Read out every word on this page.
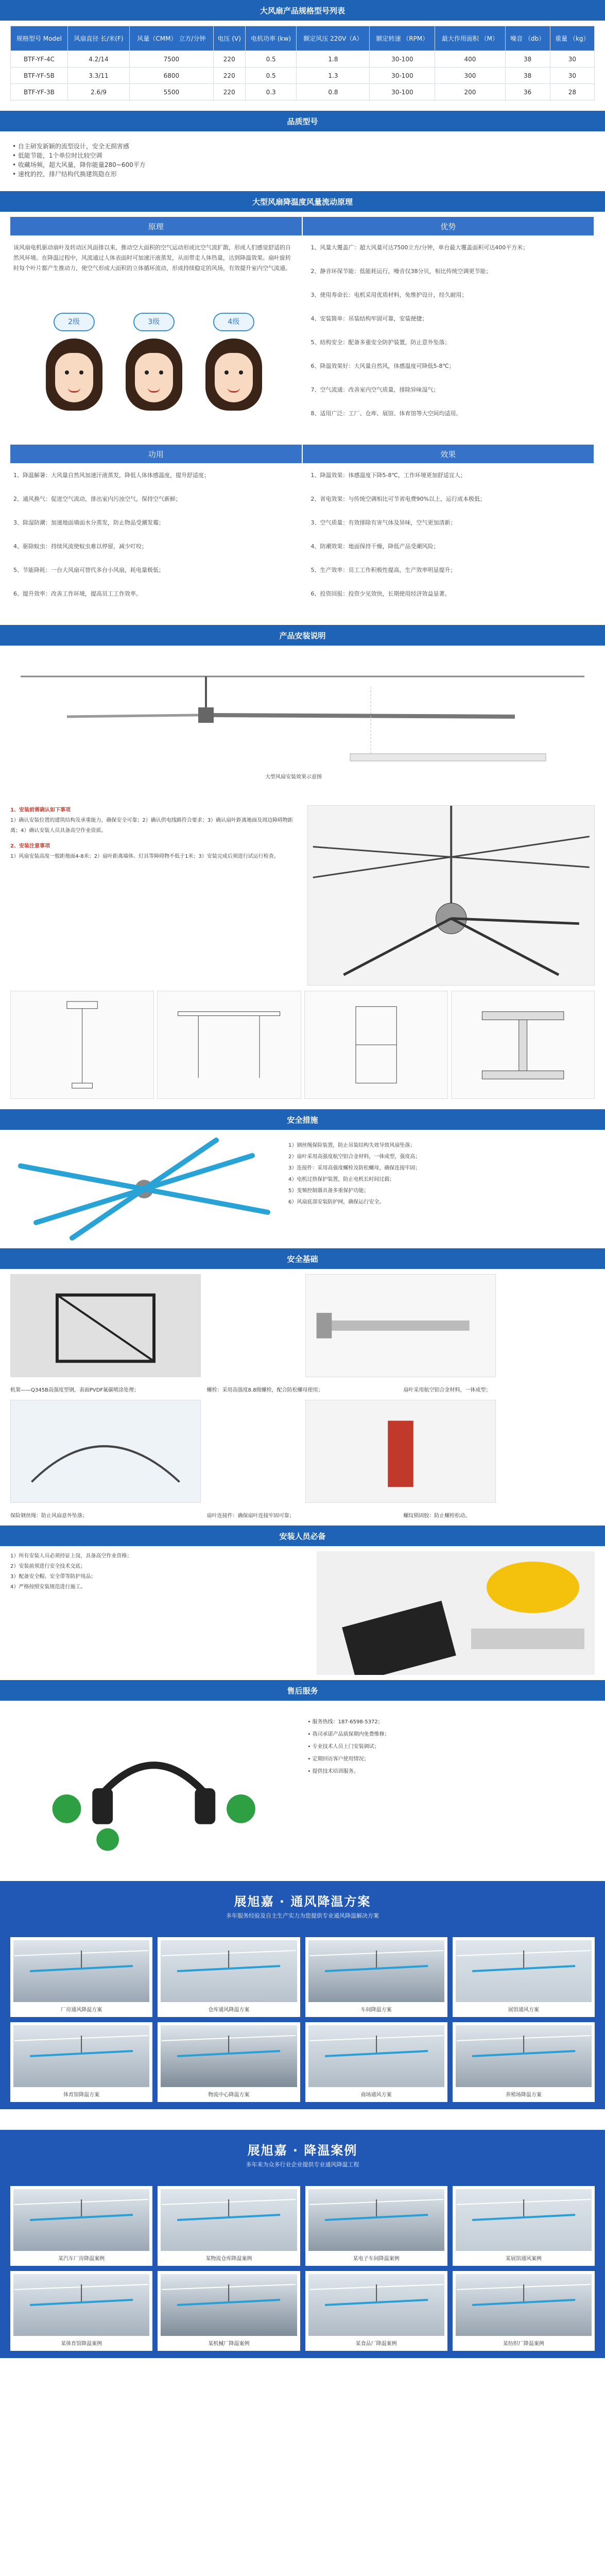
大风扇产品规格型号列表
规格型号 Model	风扇直径 长/米(F)	风量（CMM） 立方/分钟	电压 (V)	电机功率 (kw)	额定风压 220V（A）	额定转速 （RPM）	最大作用面积 （M）	噪音 （db）	重量 （kg）
BTF-YF-4C	4.2/14	7500	220	0.5	1.8	30-100	400	38	30
BTF-YF-5B	3.3/11	6800	220	0.5	1.3	30-100	300	38	30
BTF-YF-3B	2.6/9	5500	220	0.3	0.8	30-100	200	36	28
品质型号
• 自主研发新颖的流型设计，安全无损害感
• 低能节能，1个单位时比较空调
• 收藏场频，超大风量，降你能量280~600平方
• 速枕的控，排尸结构代换建筑隐在形
大型风扇降温度风量流动原理
原理	优势

该风扇电机驱动扇叶及转动区风面排以来，推动空大面积的空气运动形成比空气流扩散，形成人们感觉舒适的自然风环境。在降温过程中，风流通过人体表面时可加速汗液蒸发，从而带走人体热量，达到降温效果。扇叶旋转时每个叶片都产生推动力，使空气形成大面积的立体循环流动，形成持续稳定的风场，有效提升室内空气流通。

2级	3级	4级

1、风量大覆盖广：超大风量可达7500立方/分钟，单台最大覆盖面积可达400平方米；

2、静音环保节能：低能耗运行，噪音仅38分贝，相比传统空调更节能；

3、使用寿命长：电机采用优质材料，免维护设计，经久耐用；

4、安装简单：吊装结构牢固可靠，安装便捷；

5、结构安全：配备多重安全防护装置，防止意外坠落；

6、降温效果好：大风量自然风，体感温度可降低5-8℃；

7、空气流通：改善室内空气质量，排除异味湿气；

8、适用广泛：工厂、仓库、展馆、体育馆等大空间均适用。

功用	效果

1、降温解暑：大风量自然风加速汗液蒸发，降低人体体感温度，提升舒适度；

2、通风换气：促进空气流动，排出室内污浊空气，保持空气新鲜；

3、除湿防潮：加速地面墙面水分蒸发，防止物品受潮发霉；

4、驱除蚊虫：持续风流使蚊虫难以停留，减少叮咬；

5、节能降耗：一台大风扇可替代多台小风扇，耗电量极低；

6、提升效率：改善工作环境，提高员工工作效率。

1、降温效果：体感温度下降5-8℃，工作环境更加舒适宜人；

2、省电效果：与传统空调相比可节省电费90%以上，运行成本极低；

3、空气质量：有效排除有害气体及异味，空气更加清新；

4、防潮效果：地面保持干燥，降低产品受潮风险；

5、生产效率：员工工作积极性提高，生产效率明显提升；

6、投资回报：投资少见效快，长期使用经济效益显著。

产品安装说明
大型风扇安装效果示意图
1、安装前需确认如下事项
1）确认安装位置的建筑结构及承重能力，确保安全可靠；2）确认供电线路符合要求；3）确认扇叶距离地面及周边障碍物距离；4）确认安装人员具备高空作业资质。
2、安装注意事项
1）风扇安装高度一般距地面4-8米；2）扇叶距离墙体、灯具等障碍物不低于1米；3）安装完成后须进行试运行检查。
安全措施
1）钢丝绳保险装置，防止吊装结构失效导致风扇坠落；
2）扇叶采用高强度航空铝合金材料，一体成型，强度高；
3）连接件：采用高强度螺栓及防松螺母，确保连接牢固；
4）电机过热保护装置，防止电机长时间过载；
5）变频控制器具备多重保护功能；
6）风扇底部安装防护网，确保运行安全。
安全基础
机架——Q345B高强度型钢，表面PVDF氟碳喷涂处理；	螺栓：采用高强度8.8级螺栓，配合防松螺母使用；	扇叶采用航空铝合金材料，一体成型；
保险钢丝绳：防止风扇意外坠落；	扇叶连接件：确保扇叶连接牢固可靠；	螺纹锁固胶：防止螺栓松动。
安装人员必备
1）所有安装人员必须持证上岗，具备高空作业资格；
2）安装前须进行安全技术交底；
3）配备安全帽、安全带等防护用品；
4）严格按照安装规范进行施工。
售后服务
• 服务热线：187-6598-5372；
• 我司承诺产品质保期内免费维修；
• 专业技术人员上门安装调试；
• 定期回访客户使用情况；
• 提供技术培训服务。
展旭嘉 · 通风降温方案

多年服务经验及自主生产实力为您提供专业通风降温解决方案

厂房通风降温方案	仓库通风降温方案	车间降温方案	展馆通风方案
体育馆降温方案	物流中心降温方案	商场通风方案	养殖场降温方案
展旭嘉 · 降温案例

多年来为众多行业企业提供专业通风降温工程

某汽车厂房降温案例	某物流仓库降温案例	某电子车间降温案例	某展馆通风案例
某体育馆降温案例	某机械厂降温案例	某食品厂降温案例	某纺织厂降温案例
